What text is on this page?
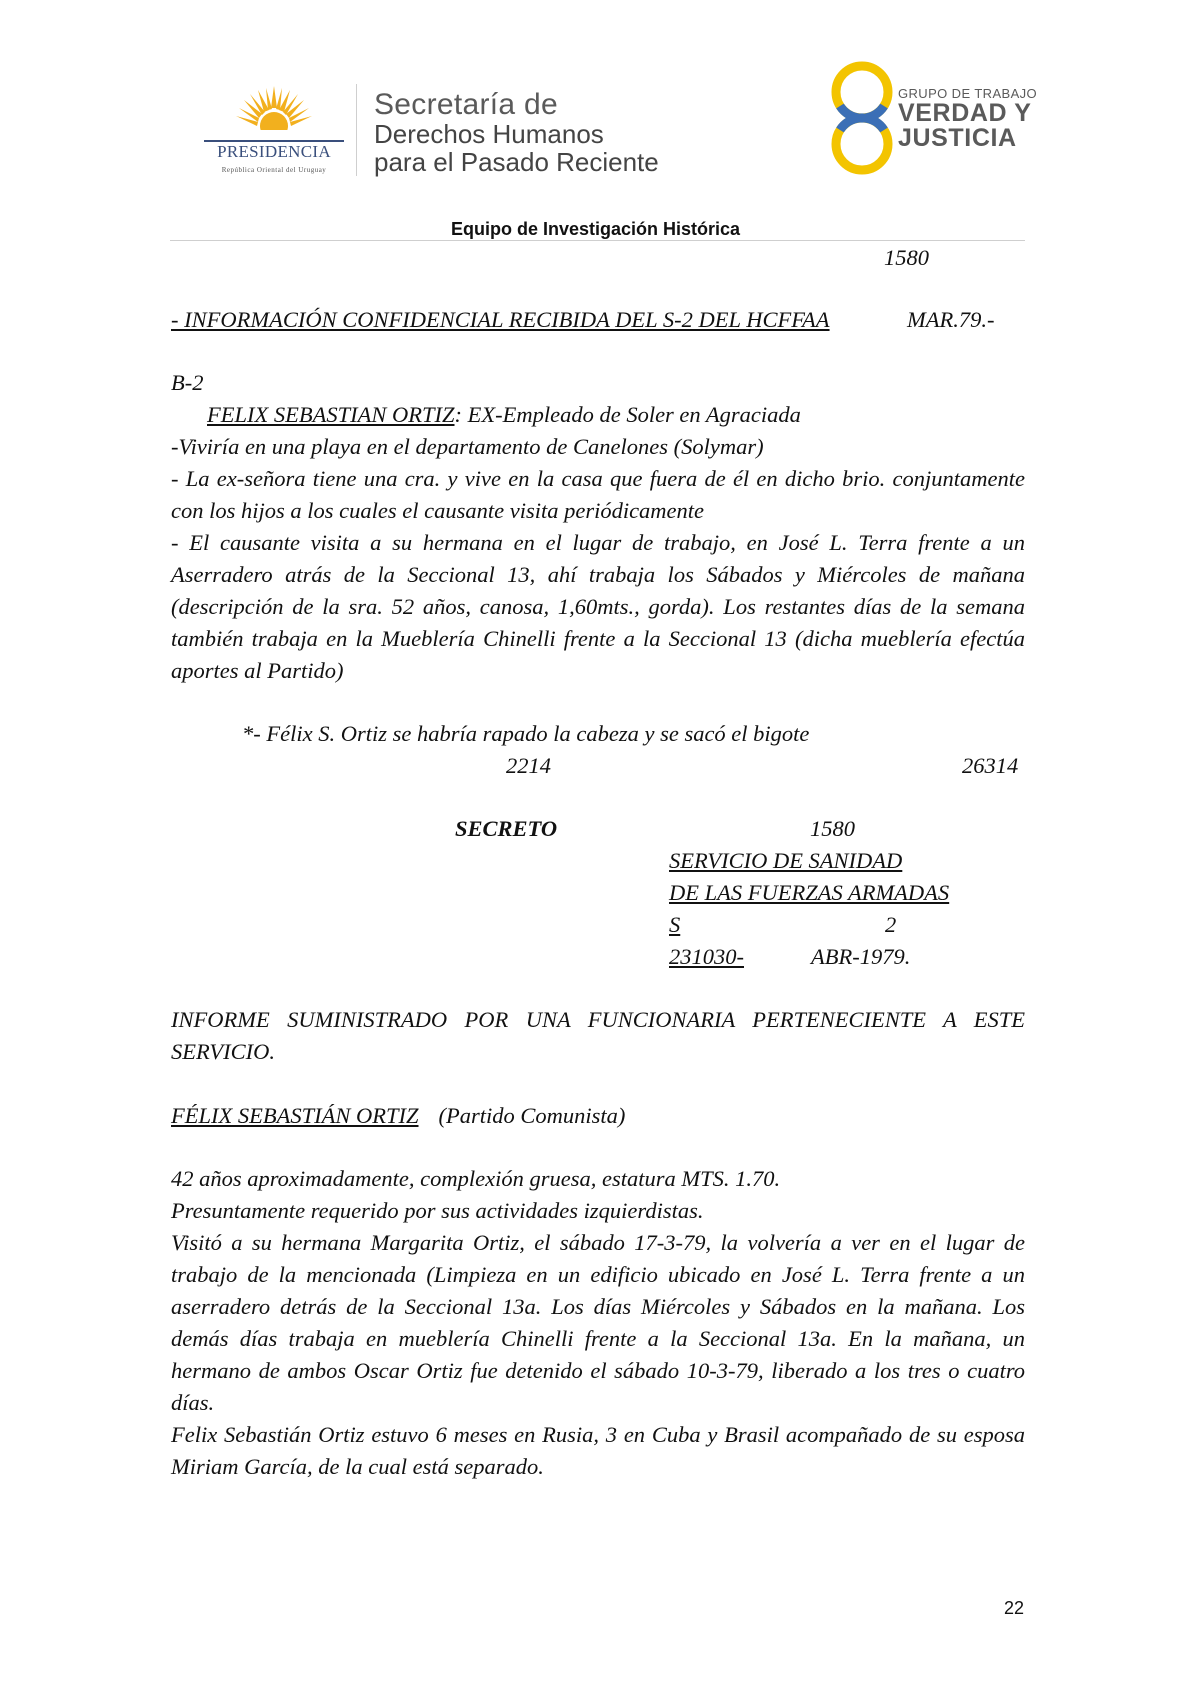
PRESIDENCIA
República Oriental del Uruguay
Secretaría de
Derechos Humanos
para el Pasado Reciente
GRUPO DE TRABAJO
VERDAD Y
JUSTICIA
Equipo de Investigación Histórica
1580
- INFORMACIÓN CONFIDENCIAL RECIBIDA DEL S-2 DEL HCFFAA	MAR.79.-
B-2
FELIX SEBASTIAN ORTIZ: EX-Empleado de Soler en Agraciada
-Viviría en una playa en el departamento de Canelones (Solymar)
- La ex-señora tiene una cra. y vive en la casa que fuera de él en dicho brio. conjuntamente con los hijos a los cuales el causante visita periódicamente
- El causante visita a su hermana en el lugar de trabajo, en José L. Terra frente a un Aserradero atrás de la Seccional 13, ahí trabaja los Sábados y Miércoles de mañana (descripción de la sra. 52 años, canosa, 1,60mts., gorda). Los restantes días de la semana también trabaja en la Mueblería Chinelli frente a la Seccional 13 (dicha mueblería efectúa aportes al Partido)
*- Félix S. Ortiz se habría rapado la cabeza y se sacó el bigote
2214	26314
SECRETO	1580
SERVICIO DE SANIDAD
DE LAS FUERZAS ARMADAS
S	2
231030-	ABR-1979.
INFORME SUMINISTRADO POR UNA FUNCIONARIA PERTENECIENTE A ESTE SERVICIO.
FÉLIX SEBASTIÁN ORTIZ (Partido Comunista)
42 años aproximadamente, complexión gruesa, estatura MTS. 1.70.
Presuntamente requerido por sus actividades izquierdistas.
Visitó a su hermana Margarita Ortiz, el sábado 17-3-79, la volvería a ver en el lugar de trabajo de la mencionada (Limpieza en un edificio ubicado en José L. Terra frente a un aserradero detrás de la Seccional 13a. Los días Miércoles y Sábados en la mañana. Los demás días trabaja en mueblería Chinelli frente a la Seccional 13a. En la mañana, un hermano de ambos Oscar Ortiz fue detenido el sábado 10-3-79, liberado a los tres o cuatro días.
Felix Sebastián Ortiz estuvo 6 meses en Rusia, 3 en Cuba y Brasil acompañado de su esposa Miriam García, de la cual está separado.
22
